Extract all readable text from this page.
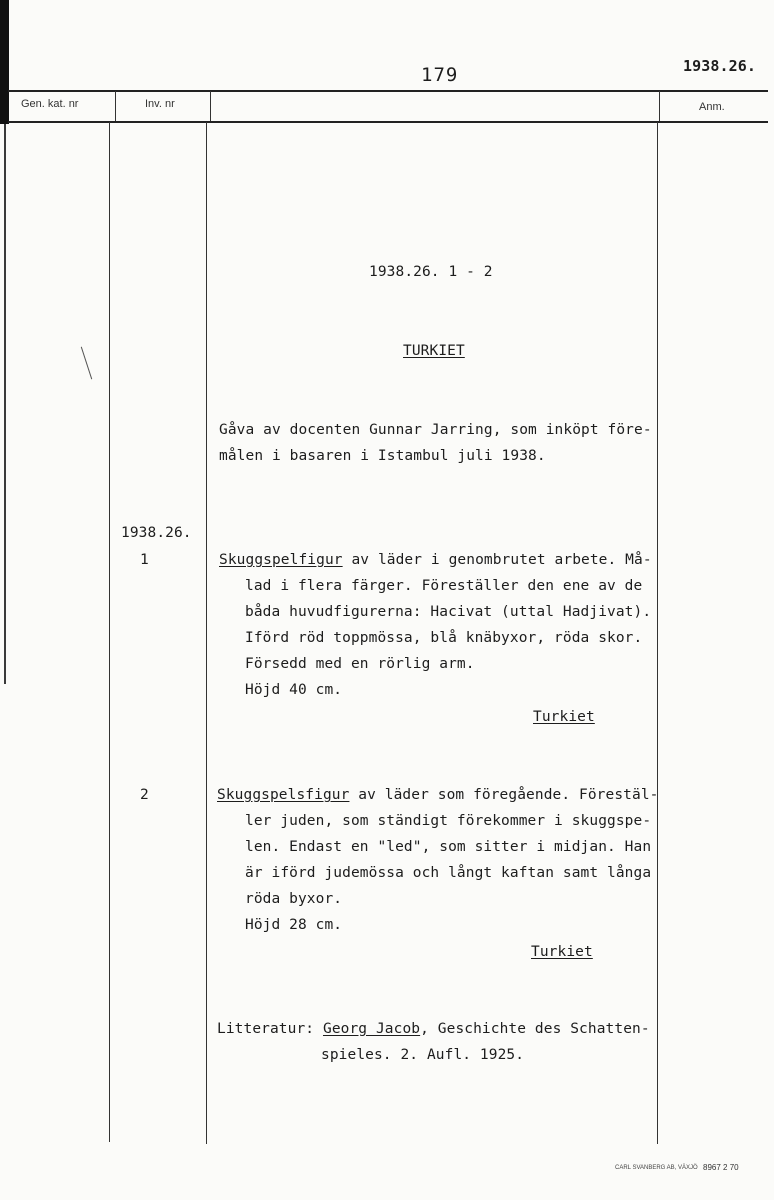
179	1938.26.
Gen. kat. nr	Inv. nr	Anm.
1938.26. 1 - 2
TURKIET
Gåva av docenten Gunnar Jarring, som inköpt före-
målen i basaren i Istambul juli 1938.
1938.26.
1	Skuggspelfigur av läder i genombrutet arbete. Må-
lad i flera färger. Föreställer den ene av de
båda huvudfigurerna: Hacivat (uttal Hadjivat).
Iförd röd toppmössa, blå knäbyxor, röda skor.
Försedd med en rörlig arm.
Höjd 40 cm.
Turkiet
2	Skuggspelsfigur av läder som föregående. Förestäl-
ler juden, som ständigt förekommer i skuggspe-
len. Endast en "led", som sitter i midjan. Han
är iförd judemössa och långt kaftan samt långa
röda byxor.
Höjd 28 cm.
Turkiet
Litteratur: Georg Jacob, Geschichte des Schatten-
spieles. 2. Aufl. 1925.
CARL SVANBERG AB, VÄXJÖ 8967 2 70
